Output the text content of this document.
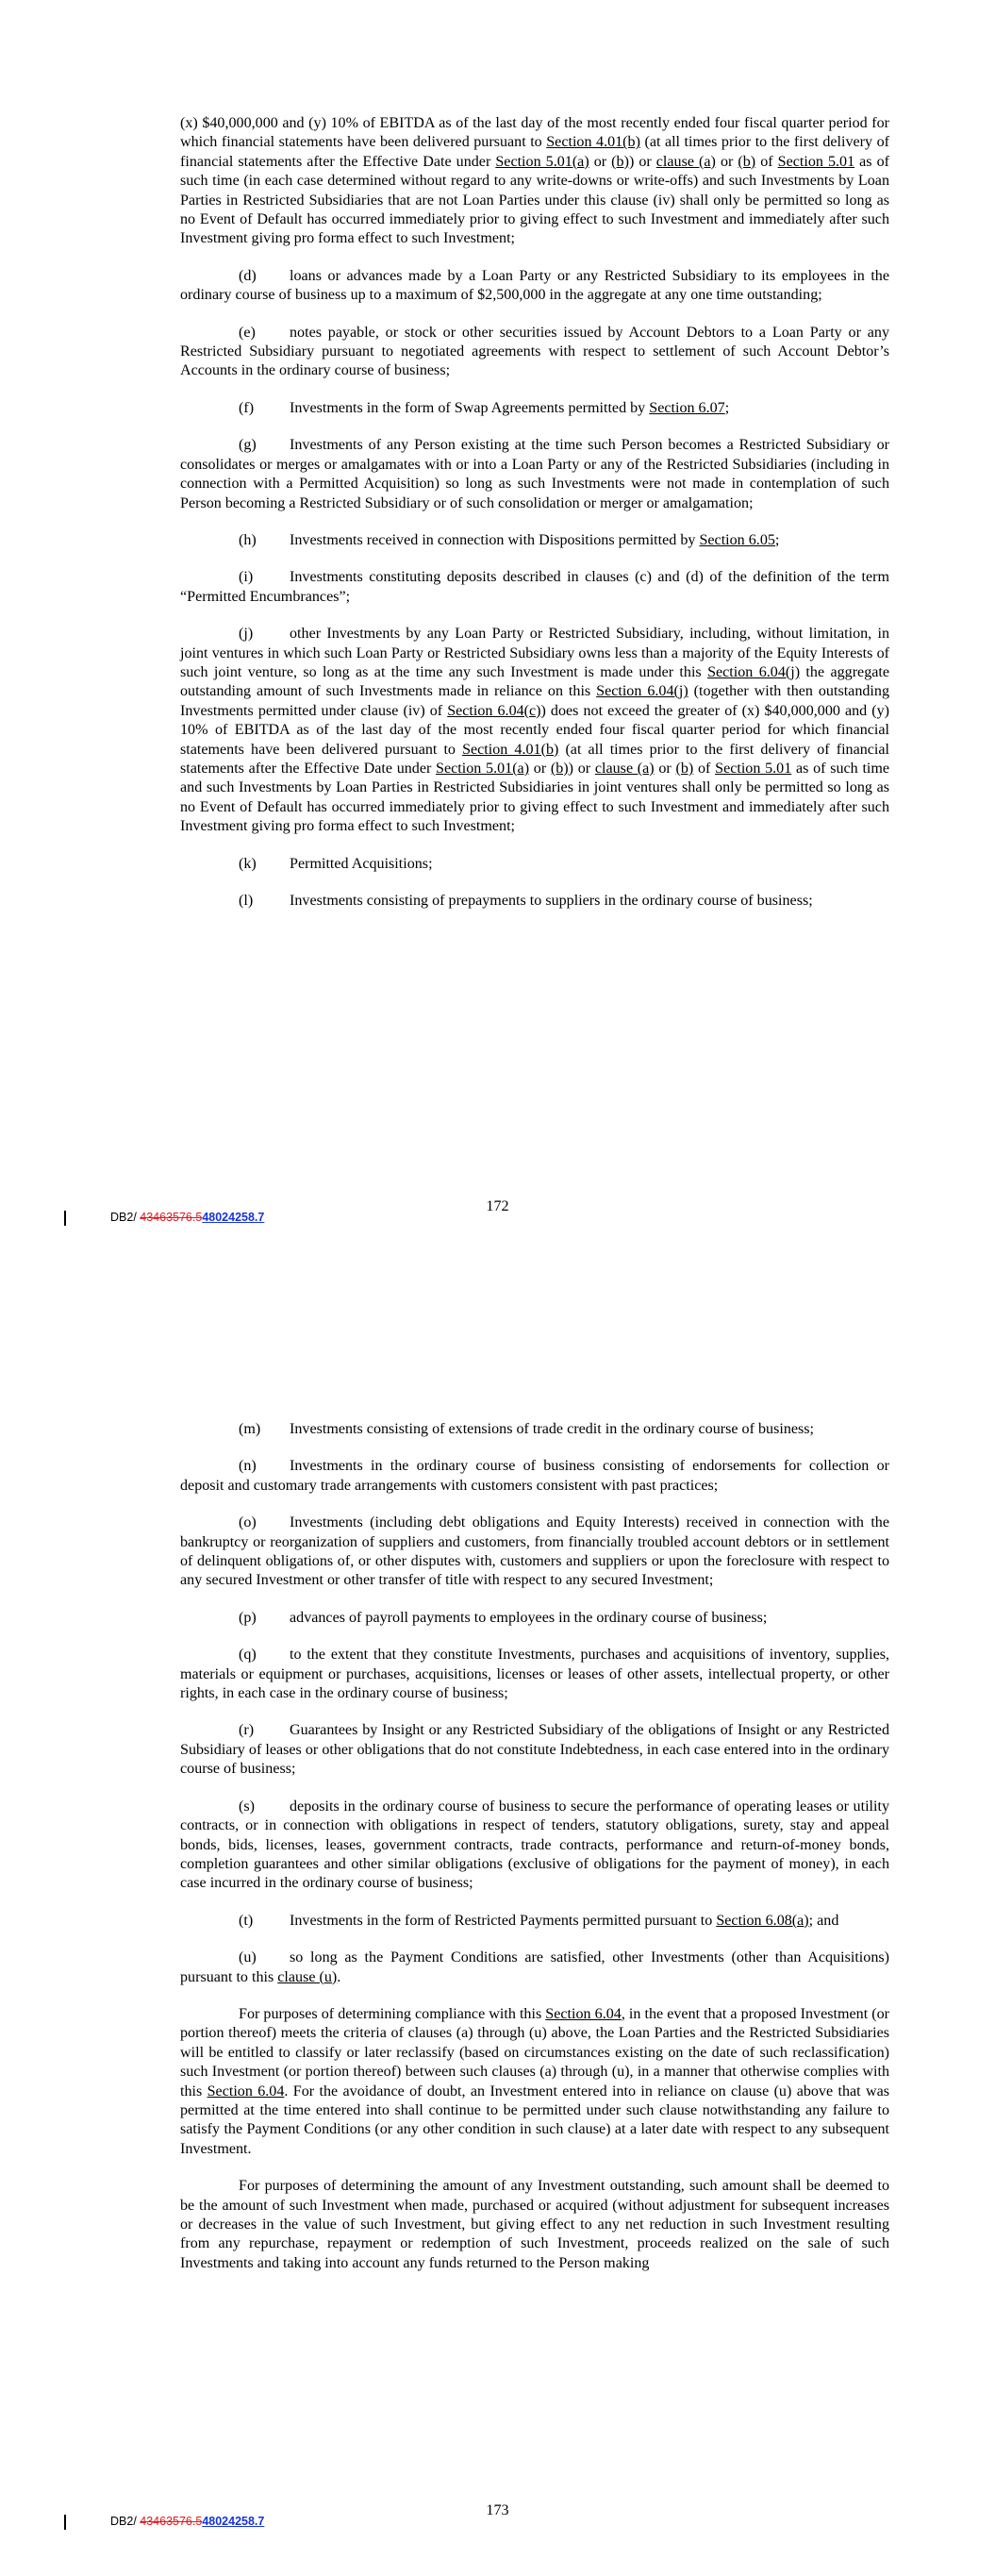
(x) $40,000,000 and (y) 10% of EBITDA as of the last day of the most recently ended four fiscal quarter period for which financial statements have been delivered pursuant to Section 4.01(b) (at all times prior to the first delivery of financial statements after the Effective Date under Section 5.01(a) or (b)) or clause (a) or (b) of Section 5.01 as of such time (in each case determined without regard to any write-downs or write-offs) and such Investments by Loan Parties in Restricted Subsidiaries that are not Loan Parties under this clause (iv) shall only be permitted so long as no Event of Default has occurred immediately prior to giving effect to such Investment and immediately after such Investment giving pro forma effect to such Investment;

(d) loans or advances made by a Loan Party or any Restricted Subsidiary to its employees in the ordinary course of business up to a maximum of $2,500,000 in the aggregate at any one time outstanding;

(e) notes payable, or stock or other securities issued by Account Debtors to a Loan Party or any Restricted Subsidiary pursuant to negotiated agreements with respect to settlement of such Account Debtor’s Accounts in the ordinary course of business;

(f) Investments in the form of Swap Agreements permitted by Section 6.07;

(g) Investments of any Person existing at the time such Person becomes a Restricted Subsidiary or consolidates or merges or amalgamates with or into a Loan Party or any of the Restricted Subsidiaries (including in connection with a Permitted Acquisition) so long as such Investments were not made in contemplation of such Person becoming a Restricted Subsidiary or of such consolidation or merger or amalgamation;

(h) Investments received in connection with Dispositions permitted by Section 6.05;

(i) Investments constituting deposits described in clauses (c) and (d) of the definition of the term “Permitted Encumbrances”;

(j) other Investments by any Loan Party or Restricted Subsidiary, including, without limitation, in joint ventures in which such Loan Party or Restricted Subsidiary owns less than a majority of the Equity Interests of such joint venture, so long as at the time any such Investment is made under this Section 6.04(j) the aggregate outstanding amount of such Investments made in reliance on this Section 6.04(j) (together with then outstanding Investments permitted under clause (iv) of Section 6.04(c)) does not exceed the greater of (x) $40,000,000 and (y) 10% of EBITDA as of the last day of the most recently ended four fiscal quarter period for which financial statements have been delivered pursuant to Section 4.01(b) (at all times prior to the first delivery of financial statements after the Effective Date under Section 5.01(a) or (b)) or clause (a) or (b) of Section 5.01 as of such time and such Investments by Loan Parties in Restricted Subsidiaries in joint ventures shall only be permitted so long as no Event of Default has occurred immediately prior to giving effect to such Investment and immediately after such Investment giving pro forma effect to such Investment;

(k) Permitted Acquisitions;

(l) Investments consisting of prepayments to suppliers in the ordinary course of business;

172
DB2/ 43463576.548024258.7

(m) Investments consisting of extensions of trade credit in the ordinary course of business;

(n) Investments in the ordinary course of business consisting of endorsements for collection or deposit and customary trade arrangements with customers consistent with past practices;

(o) Investments (including debt obligations and Equity Interests) received in connection with the bankruptcy or reorganization of suppliers and customers, from financially troubled account debtors or in settlement of delinquent obligations of, or other disputes with, customers and suppliers or upon the foreclosure with respect to any secured Investment or other transfer of title with respect to any secured Investment;

(p) advances of payroll payments to employees in the ordinary course of business;

(q) to the extent that they constitute Investments, purchases and acquisitions of inventory, supplies, materials or equipment or purchases, acquisitions, licenses or leases of other assets, intellectual property, or other rights, in each case in the ordinary course of business;

(r) Guarantees by Insight or any Restricted Subsidiary of the obligations of Insight or any Restricted Subsidiary of leases or other obligations that do not constitute Indebtedness, in each case entered into in the ordinary course of business;

(s) deposits in the ordinary course of business to secure the performance of operating leases or utility contracts, or in connection with obligations in respect of tenders, statutory obligations, surety, stay and appeal bonds, bids, licenses, leases, government contracts, trade contracts, performance and return-of-money bonds, completion guarantees and other similar obligations (exclusive of obligations for the payment of money), in each case incurred in the ordinary course of business;

(t) Investments in the form of Restricted Payments permitted pursuant to Section 6.08(a); and

(u) so long as the Payment Conditions are satisfied, other Investments (other than Acquisitions) pursuant to this clause (u).

For purposes of determining compliance with this Section 6.04, in the event that a proposed Investment (or portion thereof) meets the criteria of clauses (a) through (u) above, the Loan Parties and the Restricted Subsidiaries will be entitled to classify or later reclassify (based on circumstances existing on the date of such reclassification) such Investment (or portion thereof) between such clauses (a) through (u), in a manner that otherwise complies with this Section 6.04. For the avoidance of doubt, an Investment entered into in reliance on clause (u) above that was permitted at the time entered into shall continue to be permitted under such clause notwithstanding any failure to satisfy the Payment Conditions (or any other condition in such clause) at a later date with respect to any subsequent Investment.

For purposes of determining the amount of any Investment outstanding, such amount shall be deemed to be the amount of such Investment when made, purchased or acquired (without adjustment for subsequent increases or decreases in the value of such Investment, but giving effect to any net reduction in such Investment resulting from any repurchase, repayment or redemption of such Investment, proceeds realized on the sale of such Investments and taking into account any funds returned to the Person making

173
DB2/ 43463576.548024258.7
